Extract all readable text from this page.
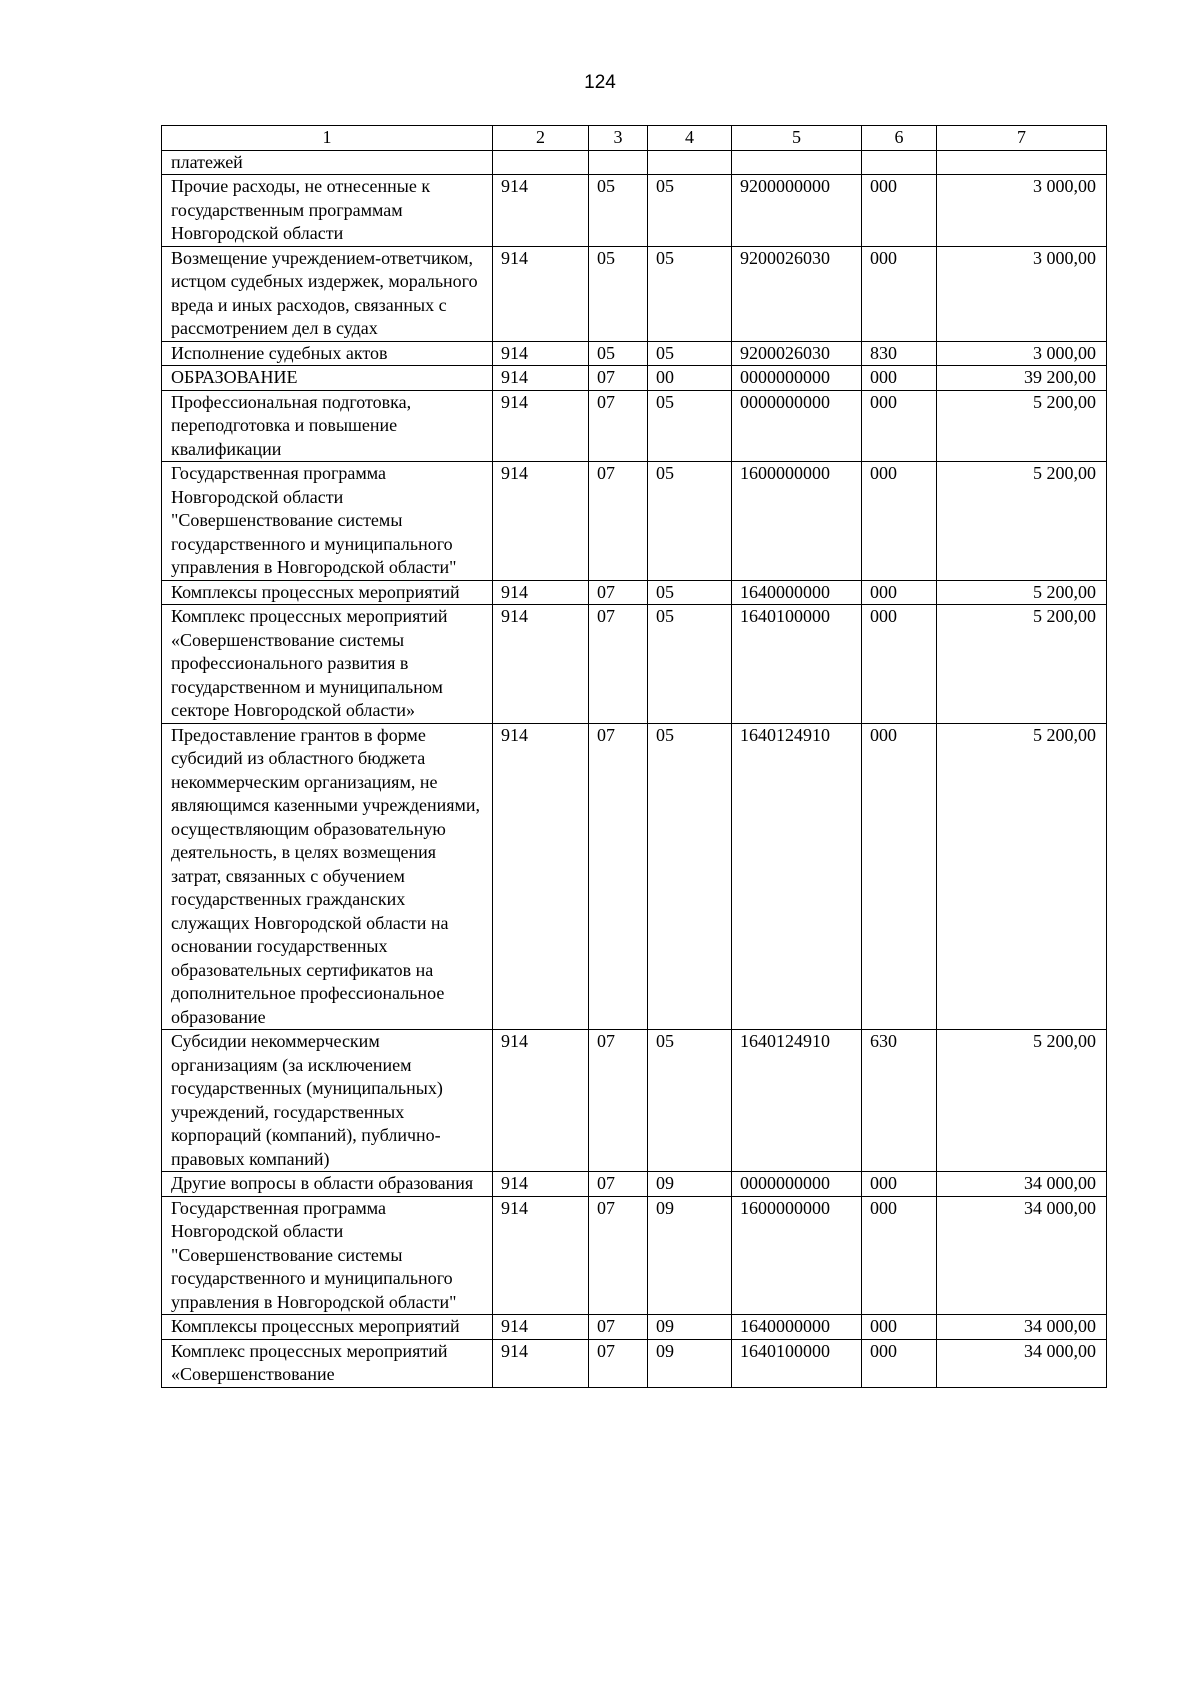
124
1	2	3	4	5	6	7
платежей						
Прочие расходы, не отнесенные к государственным программам Новгородской области	914	05	05	9200000000	000	3 000,00
Возмещение учреждением-ответчиком, истцом судебных издержек, морального вреда и иных расходов, связанных с рассмотрением дел в судах	914	05	05	9200026030	000	3 000,00
Исполнение судебных актов	914	05	05	9200026030	830	3 000,00
ОБРАЗОВАНИЕ	914	07	00	0000000000	000	39 200,00
Профессиональная подготовка, переподготовка и повышение квалификации	914	07	05	0000000000	000	5 200,00
Государственная программа Новгородской области "Совершенствование системы государственного и муниципального управления в Новгородской области"	914	07	05	1600000000	000	5 200,00
Комплексы процессных мероприятий	914	07	05	1640000000	000	5 200,00
Комплекс процессных мероприятий «Совершенствование системы профессионального развития в государственном и муниципальном секторе Новгородской области»	914	07	05	1640100000	000	5 200,00
Предоставление грантов в форме субсидий из областного бюджета некоммерческим организациям, не являющимся казенными учреждениями, осуществляющим образовательную деятельность, в целях возмещения затрат, связанных с обучением государственных гражданских служащих Новгородской области на основании государственных образовательных сертификатов на дополнительное профессиональное образование	914	07	05	1640124910	000	5 200,00
Субсидии некоммерческим организациям (за исключением государственных (муниципальных) учреждений, государственных корпораций (компаний), публично-правовых компаний)	914	07	05	1640124910	630	5 200,00
Другие вопросы в области образования	914	07	09	0000000000	000	34 000,00
Государственная программа Новгородской области "Совершенствование системы государственного и муниципального управления в Новгородской области"	914	07	09	1600000000	000	34 000,00
Комплексы процессных мероприятий	914	07	09	1640000000	000	34 000,00
Комплекс процессных мероприятий «Совершенствование	914	07	09	1640100000	000	34 000,00
